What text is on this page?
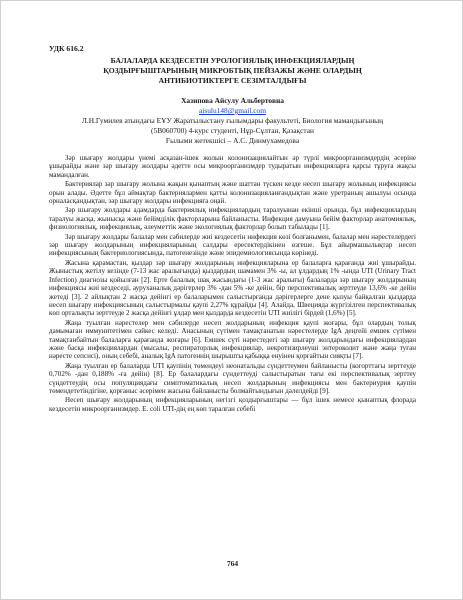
УДК 616.2
БАЛАЛАРДА КЕЗДЕСЕТІН УРОЛОГИЯЛЫҚ ИНФЕКЦИЯЛАРДЫҢ
ҚОЗДЫРҒЫШТАРЫНЫҢ МИКРОБТЫҚ ПЕЙЗАЖЫ ЖӘНЕ ОЛАРДЫҢ
АНТИБИОТИКТЕРГЕ СЕЗІМТАЛДЫҒЫ
Хазипова Айсулу Альбертовна
aisulu148@gmail.com
Л.Н.Гумилев атындағы ЕҰУ Жаратылыстану ғылымдары факультеті, Биология мамандығының
(5В060700) 4-курс студенті, Нұр-Сұлтан, Қазақстан
Ғылыми жетекшісі – А.С. Динмухамедова

Зәр шығару жолдары үнемі асқазан-ішек жолын колонизациялайтын әр түрлі микроорганизмдердің әсеріне ұшырайды және зәр шығару жолдары әдетте осы микроорганизмдер тудыратын инфекцияларға қарсы тұруға жақсы мамандалған.

Бактериялар зәр шығару жолына жақын қынаптың және шаттан түскен кезде несеп шығару жолының инфекциясы орын алады. Әдетте бұл аймақтар бактериялармен қатты колонизацияланғандықтан және уретраның ашылуы осында орналасқандықтан, зәр шығару жолдары инфекцияға оңай.

Зәр шығару жолдары адамдарда бактериялық инфекциялардың таралуынан екінші орында, бұл инфекциялардың таралуы жасқа, жынысқа және бейімділік факторларына байланысты. Инфекция дамуына бейім факторлар анатомиялық, физиологиялық, инфекциялық, әлеуметтік және экологиялық факторлар болып табылады [1].

Зәр шығару жолдары балалар мен сәбилерде жиі кездесетін инфекция көзі болғанымен, балалар мен нәрестелердегі зәр шығару жолдарының инфекцияларының салдары ересектердікінен өзгеше. Бұл айырмашылықтар несеп инфекциясының бактериологиясында, патогенезінде және эпидемиологиясында көрінеді.

Жасына қарамастан, қыздар зәр шығару жолдарының инфекцияларына ер балаларға қарағанда жиі ұшырайды. Жыныстық жетілу кезінде (7-13 жас аралығында) қыздардың шамамен 3% -ы, ал ұлдардың 1% -ында UTI (Urinary Tract Infection) диагнозы қойылған [2]. Ерте балалық шақ жасындағы (1-3 жас аралығы) балаларда зәр шығару жолдарының инфекциясы жиі кездеседі, ауруханалық дәрігерлер 3% -дан 5% -ке дейін, бір перспективалық зерттеуде 13,6% -ке дейін жетеді [3]. 2 айлықтан 2 жасқа дейінгі ер балаларымен салыстырғанда дәрігерлерге дене қызуы байқалған қыздарда несеп шығару инфекциясының салыстырмалы қаупі 2,27% құрайды [4]. Алайда, Швецияда жүргізілген перспективалық көп орталықты зерттеуде 2 жасқа дейінгі ұлдар мен қыздарда кездесетін UTI жиілігі бірдей (1,6%) [5].

Жаңа туылған нәрестелер мен сәбилерде несеп жолдарының инфекция қаупі жоғары, бұл олардың толық дамымаған иммунитетімен сәйкес келеді. Анасының сүтімен тамақтанатын нәрестелерде IgA деңгейі емшек сүтімен тамақтанбайтын балаларға қарағанда жоғары [6]. Емшек сүті нәрестедегі зәр шығару жолдарындағы инфекциялардан және басқа инфекциялардан (мысалы, респираторлық инфекциялар, некротизирлеуші энтероколит және жаңа туған нәресте сепсисі), оның себебі, аналық IgA патогеннің шырышты қабыққа енуінен қорғайтын сияқты [7].

Жаңа туылған ер балаларда UTI қаупінің төмендеуі неонатальды сүндеттеумен байланысты (когорттағы зерттеуде 0,702% -дан 0,188% -ға дейін) [8]. Ер балалардағы сүндеттеуді салыстыратын тағы екі перспективалық зерттеу сүндеттеудің осы популяциядағы симптоматикалық несеп жолдарының инфекциясы мен бактериурия қаупін төмендететіндігіне, қорғаныс әсерімен жасына байланысты болмайтындығын дәлелдейді [9].

Несеп шығару жолдарының инфекцияларының негізгі қоздырғыштары — бұл ішек немесе қынаптық флорада кездесетін микроорганизмдер. E. coli UTI-дің ең көп таралған себебі

764
